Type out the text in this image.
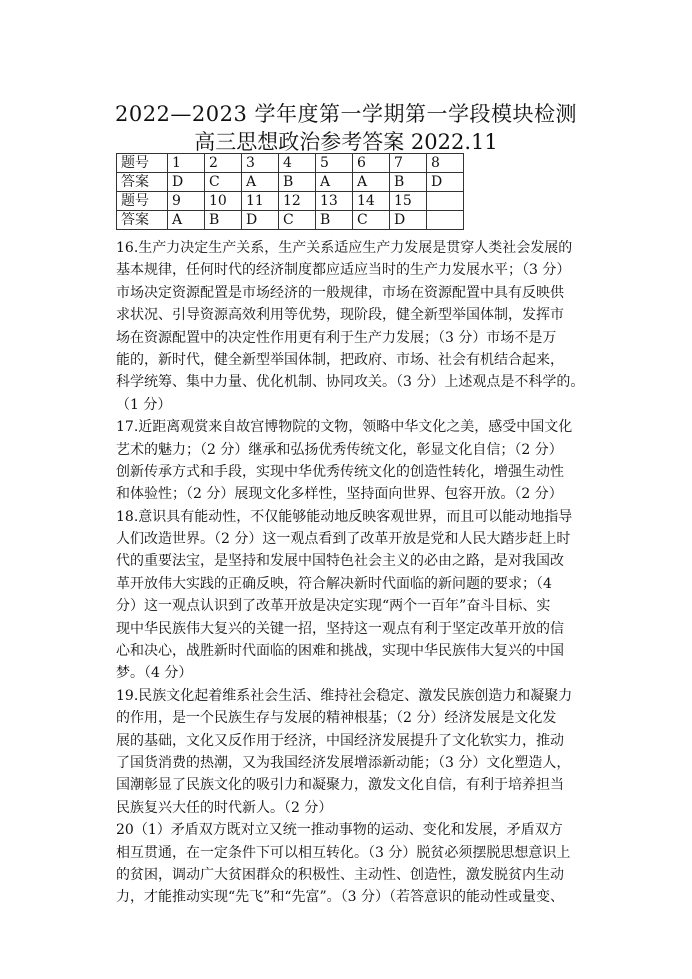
2022—2023 学年度第一学期第一学段模块检测
高三思想政治参考答案 2022.11
题号	1	2	3	4	5	6	7	8
答案	D	C	A	B	A	A	B	D
题号	9	10	11	12	13	14	15	
答案	A	B	D	C	B	C	D	

16.生产力决定生产关系，生产关系适应生产力发展是贯穿人类社会发展的
基本规律，任何时代的经济制度都应适应当时的生产力发展水平；（3 分）
市场决定资源配置是市场经济的一般规律，市场在资源配置中具有反映供
求状况、引导资源高效利用等优势，现阶段，健全新型举国体制，发挥市
场在资源配置中的决定性作用更有利于生产力发展；（3 分）市场不是万
能的，新时代，健全新型举国体制，把政府、市场、社会有机结合起来，
科学统筹、集中力量、优化机制、协同攻关。（3 分）上述观点是不科学的。
（1 分）

17.近距离观赏来自故宫博物院的文物，领略中华文化之美，感受中国文化
艺术的魅力；（2 分）继承和弘扬优秀传统文化，彰显文化自信；（2 分）
创新传承方式和手段，实现中华优秀传统文化的创造性转化，增强生动性
和体验性；（2 分）展现文化多样性，坚持面向世界、包容开放。（2 分）

18.意识具有能动性，不仅能够能动地反映客观世界，而且可以能动地指导
人们改造世界。（2 分）这一观点看到了改革开放是党和人民大踏步赶上时
代的重要法宝，是坚持和发展中国特色社会主义的必由之路，是对我国改
革开放伟大实践的正确反映，符合解决新时代面临的新问题的要求；（4
分）这一观点认识到了改革开放是决定实现“两个一百年”奋斗目标、实
现中华民族伟大复兴的关键一招，坚持这一观点有利于坚定改革开放的信
心和决心，战胜新时代面临的困难和挑战，实现中华民族伟大复兴的中国
梦。（4 分）

19.民族文化起着维系社会生活、维持社会稳定、激发民族创造力和凝聚力
的作用，是一个民族生存与发展的精神根基；（2 分）经济发展是文化发
展的基础，文化又反作用于经济，中国经济发展提升了文化软实力，推动
了国货消费的热潮，又为我国经济发展增添新动能；（3 分）文化塑造人，
国潮彰显了民族文化的吸引力和凝聚力，激发文化自信，有利于培养担当
民族复兴大任的时代新人。（2 分）

20（1）矛盾双方既对立又统一推动事物的运动、变化和发展，矛盾双方
相互贯通，在一定条件下可以相互转化。（3 分）脱贫必须摆脱思想意识上
的贫困，调动广大贫困群众的积极性、主动性、创造性，激发脱贫内生动
力，才能推动实现“先飞”和“先富”。（3 分）（若答意识的能动性或量变、
